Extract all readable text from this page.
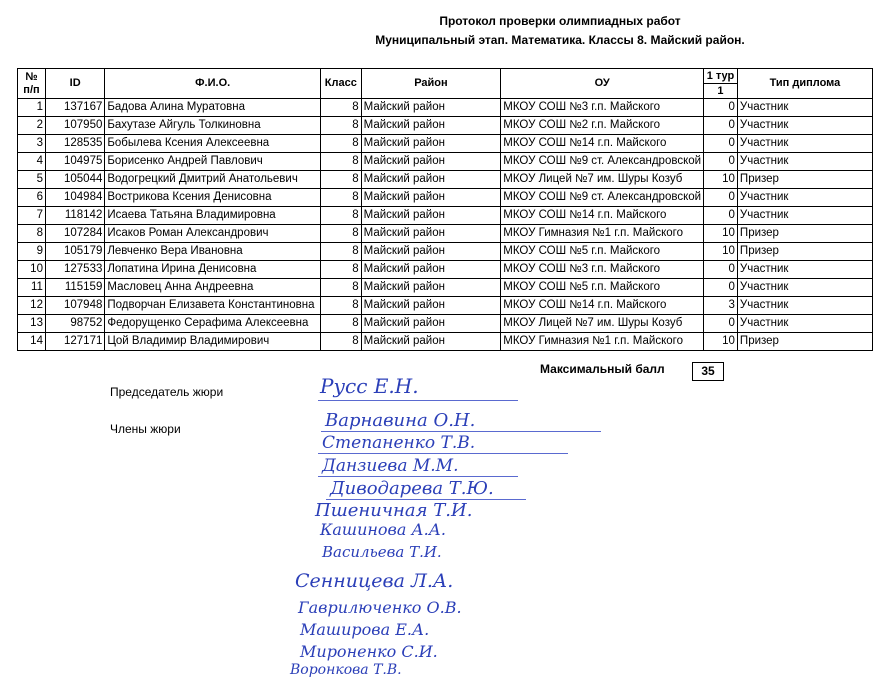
Протокол проверки олимпиадных работ
Муниципальный этап. Математика. Классы 8. Майский район.
№ п/п	ID	Ф.И.О.	Класс	Район	ОУ	1 тур	Тип диплома
						1	
1	137167	Бадова Алина Муратовна	8	Майский район	МКОУ СОШ №3 г.п. Майского	0	Участник
2	107950	Бахутазе Айгуль Толкиновна	8	Майский район	МКОУ СОШ №2 г.п. Майского	0	Участник
3	128535	Бобылева Ксения Алексеевна	8	Майский район	МКОУ СОШ №14 г.п. Майского	0	Участник
4	104975	Борисенко Андрей Павлович	8	Майский район	МКОУ СОШ №9 ст. Александровской	0	Участник
5	105044	Водогрецкий Дмитрий Анатольевич	8	Майский район	МКОУ Лицей №7 им. Шуры Козуб	10	Призер
6	104984	Вострикова Ксения Денисовна	8	Майский район	МКОУ СОШ №9 ст. Александровской	0	Участник
7	118142	Исаева Татьяна Владимировна	8	Майский район	МКОУ СОШ №14 г.п. Майского	0	Участник
8	107284	Исаков Роман Александрович	8	Майский район	МКОУ Гимназия №1 г.п. Майского	10	Призер
9	105179	Левченко Вера Ивановна	8	Майский район	МКОУ СОШ №5 г.п. Майского	10	Призер
10	127533	Лопатина Ирина Денисовна	8	Майский район	МКОУ СОШ №3 г.п. Майского	0	Участник
11	115159	Масловец Анна Андреевна	8	Майский район	МКОУ СОШ №5 г.п. Майского	0	Участник
12	107948	Подворчан Елизавета Константиновна	8	Майский район	МКОУ СОШ №14 г.п. Майского	3	Участник
13	98752	Федорущенко Серафима Алексеевна	8	Майский район	МКОУ Лицей №7 им. Шуры Козуб	0	Участник
14	127171	Цой Владимир Владимирович	8	Майский район	МКОУ Гимназия №1 г.п. Майского	10	Призер
Максимальный балл	35
Председатель жюри
Члены жюри
Русс Е.Н.
Варнавина О.Н.
Степаненко Т.В.
Данзиева М.М.
Диводарева Т.Ю.
Пшеничная Т.И.
Кашинова А.А.
Васильева Т.И.
Сенницева Л.А.
Гаврилюченко О.В.
Маширова Е.А.
Мироненко С.И.
Воронкова Т.В.
